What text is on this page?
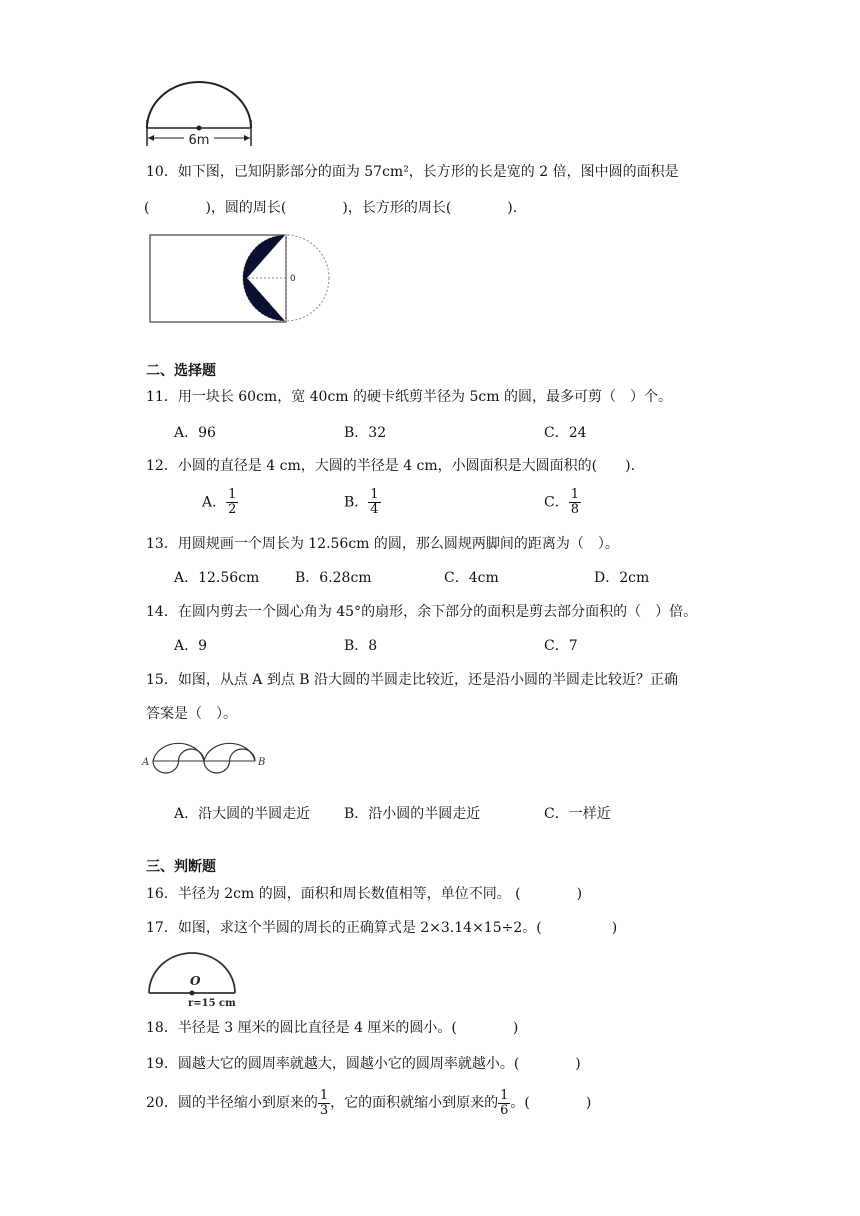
6m
10．如下图，已知阴影部分的面为 57cm²，长方形的长是宽的 2 倍，图中圆的面积是
(　　　　)，圆的周长(　　　　)，长方形的周长(　　　　)．
0
二、选择题
11．用一块长 60cm，宽 40cm 的硬卡纸剪半径为 5cm 的圆，最多可剪（　）个。
A．96	B．32	C．24
12．小圆的直径是 4 cm，大圆的半径是 4 cm，小圆面积是大圆面积的(　　)．
A． $\frac{1}{2}$	B． $\frac{1}{4}$	C． $\frac{1}{8}$
13．用圆规画一个周长为 12.56cm 的圆，那么圆规两脚间的距离为（　）。
A．12.56cm	B．6.28cm	C．4cm	D．2cm
14．在圆内剪去一个圆心角为 45°的扇形，余下部分的面积是剪去部分面积的（　）倍。
A．9	B．8	C．7
15．如图，从点 A 到点 B 沿大圆的半圆走比较近，还是沿小圆的半圆走比较近？正确
答案是（　）。
A	B
A．沿大圆的半圆走近 B．沿小圆的半圆走近	C．一样近
三、判断题
16．半径为 2cm 的圆，面积和周长数值相等，单位不同。 (　　　　)
17．如图，求这个半圆的周长的正确算式是 2×3.14×15÷2。(　　　　　)
O
r=15 cm
18．半径是 3 厘米的圆比直径是 4 厘米的圆小。(　　　　)
19．圆越大它的圆周率就越大，圆越小它的圆周率就越小。(　　　　)
20．圆的半径缩小到原来的 $\frac{1}{3}$ ，它的面积就缩小到原来的 $\frac{1}{6}$ 。(　　　　)
